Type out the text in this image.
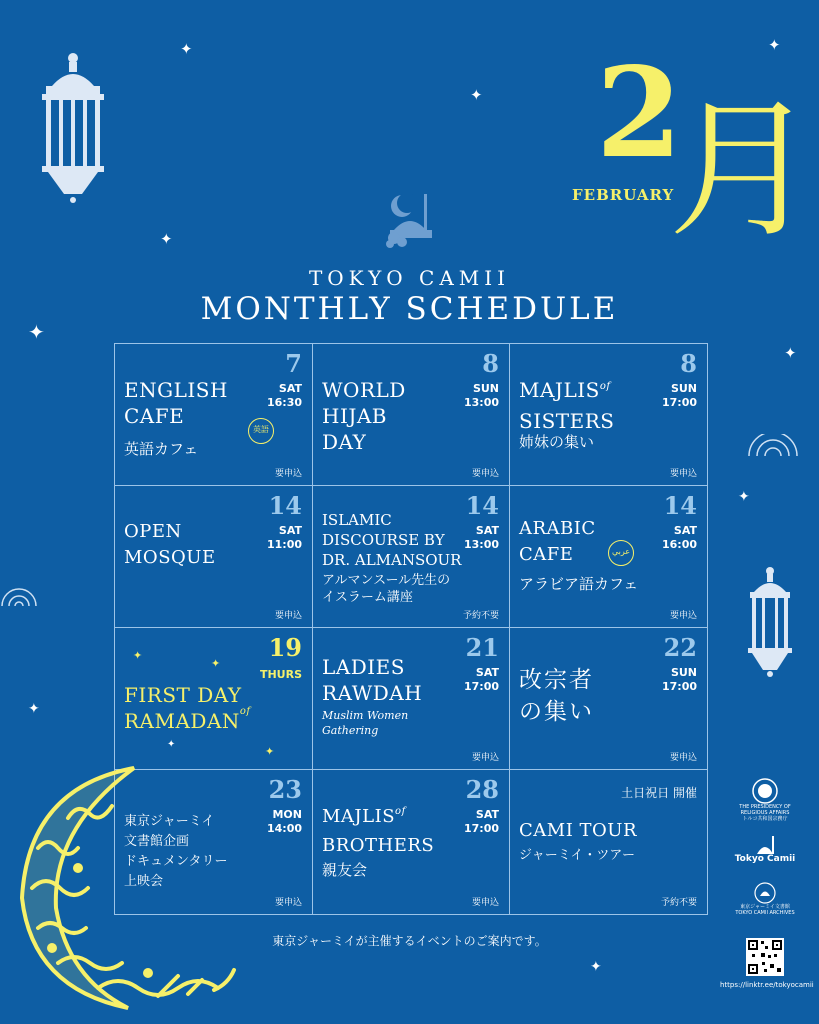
✦
✦
✦
✦
✦
✦
✦
✦
✦
2
月
FEBRUARY
TOKYO CAMII
MONTHLY SCHEDULE
7
SAT
16:30
ENGLISH
CAFE
英語カフェ
英語
要申込
8
SUN
13:00
WORLD
HIJAB
DAY
要申込
8
SUN
17:00
$MAJLIS^{of}$
SISTERS
姉妹の集い
要申込
14
SAT
11:00
OPEN
MOSQUE
要申込
14
SAT
13:00
ISLAMIC
DISCOURSE BY
DR. ALMANSOUR
アルマンスール先生の
イスラーム講座
予約不要
14
SAT
16:00
ARABIC
CAFE
アラビア語カフェ
عربي
要申込
19
THURS
✦
✦
✦
✦
FIRST DAY
$RAMADAN^{of}$
21
SAT
17:00
LADIES
RAWDAH
Muslim Women
Gathering
要申込
22
SUN
17:00
改宗者
の集い
要申込
23
MON
14:00
東京ジャーミイ
文書館企画
ドキュメンタリー
上映会
要申込
28
SAT
17:00
$MAJLIS^{of}$
BROTHERS
親友会
要申込
土日祝日 開催
CAMI TOUR
ジャーミイ・ツアー
予約不要
東京ジャーミイが主催するイベントのご案内です。
THE PRESIDENCY OF
RELIGIOUS AFFAIRS
トルコ共和国宗務庁
Tokyo Camii
東京ジャーミイ文書館
TOKYO CAMII ARCHIVES
https://linktr.ee/tokyocamii
